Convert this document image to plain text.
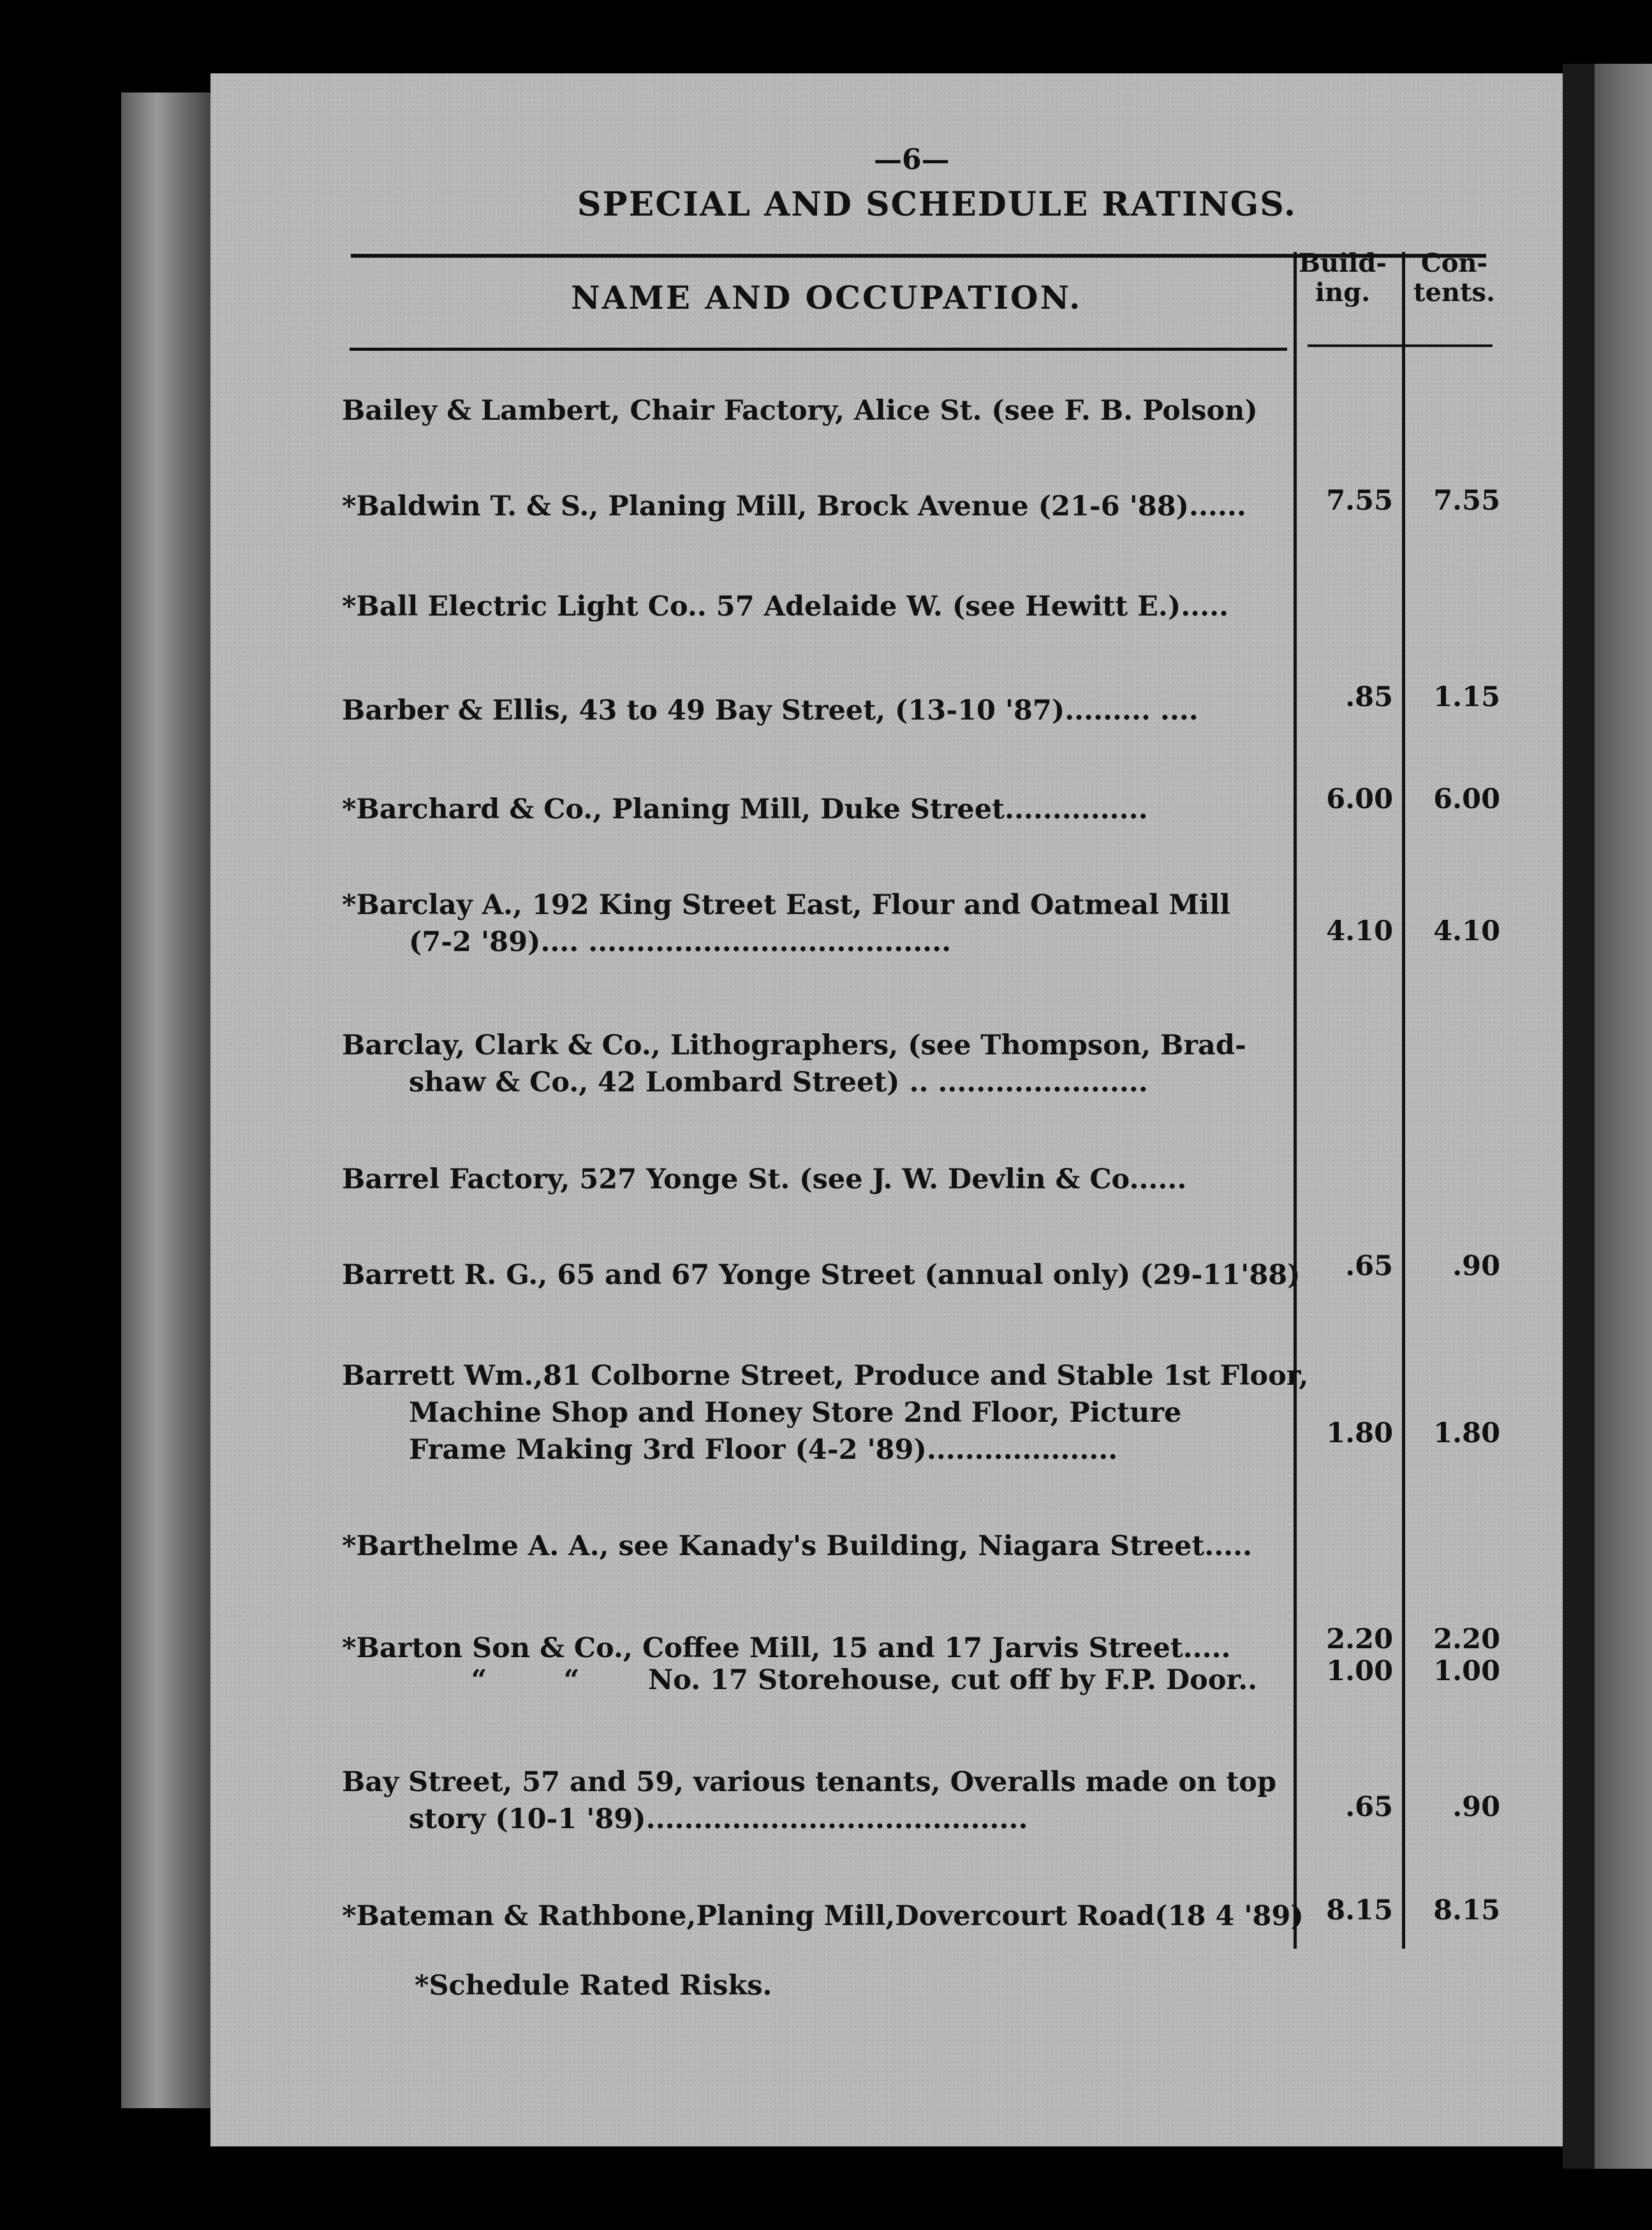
—6—
SPECIAL AND SCHEDULE RATINGS.
NAME AND OCCUPATION.
Build-
ing.
Con-
tents.
Bailey & Lambert, Chair Factory, Alice St. (see F. B. Polson)
*Baldwin T. & S., Planing Mill, Brock Avenue (21-6 '88)......	7.55	7.55
*Ball Electric Light Co.. 57 Adelaide W. (see Hewitt E.).....
Barber & Ellis, 43 to 49 Bay Street, (13-10 '87)......... ....	.85	1.15
*Barchard & Co., Planing Mill, Duke Street...............	6.00	6.00
*Barclay A., 192 King Street East, Flour and Oatmeal Mill
(7-2 '89).... ......................................	4.10	4.10
Barclay, Clark & Co., Lithographers, (see Thompson, Brad-
shaw & Co., 42 Lombard Street) .. ......................
Barrel Factory, 527 Yonge St. (see J. W. Devlin & Co......
Barrett R. G., 65 and 67 Yonge Street (annual only) (29-11'88)	.65	.90
Barrett Wm.,81 Colborne Street, Produce and Stable 1st Floor,
Machine Shop and Honey Store 2nd Floor, Picture
Frame Making 3rd Floor (4-2 '89)....................
1.80	1.80
*Barthelme A. A., see Kanady's Building, Niagara Street.....
*Barton Son & Co., Coffee Mill, 15 and 17 Jarvis Street.....	2.20	2.20
“	“	No. 17 Storehouse, cut off by F.P. Door..	1.00	1.00
Bay Street, 57 and 59, various tenants, Overalls made on top
story (10-1 '89)........................................	.65	.90
*Bateman & Rathbone,Planing Mill,Dovercourt Road(18 4 '89) 8.15	8.15
*Schedule Rated Risks.
